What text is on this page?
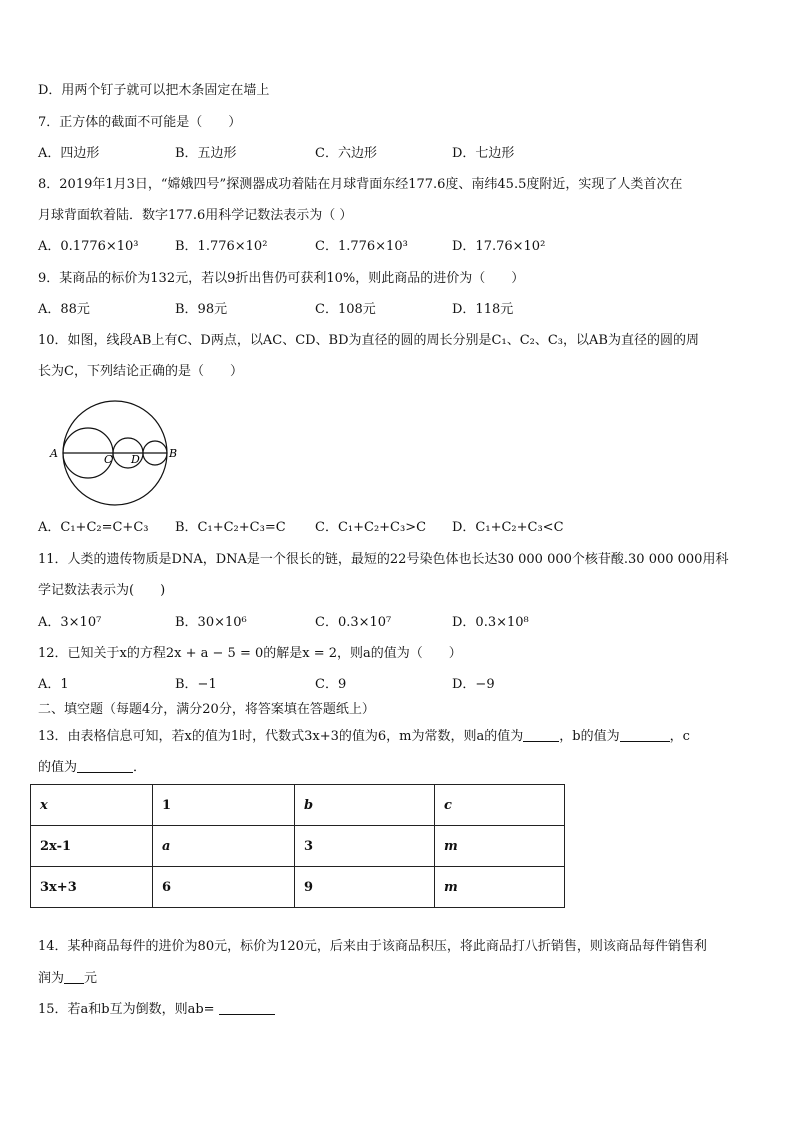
D．用两个钉子就可以把木条固定在墙上
7．正方体的截面不可能是（　　）
A．四边形	B．五边形	C．六边形	D．七边形
8．2019年1月3日，“嫦娥四号”探测器成功着陆在月球背面东经177.6度、南纬45.5度附近，实现了人类首次在
月球背面软着陆．数字177.6用科学记数法表示为（ ）
A．0.1776×10³	B．1.776×10²	C．1.776×10³	D．17.76×10²
9．某商品的标价为132元，若以9折出售仍可获利10%，则此商品的进价为（　　）
A．88元	B．98元	C．108元	D．118元
10．如图，线段AB上有C、D两点，以AC、CD、BD为直径的圆的周长分别是C₁、C₂、C₃，以AB为直径的圆的周
长为C，下列结论正确的是（　　）
A	C D	B
A．C₁+C₂=C+C₃ B．C₁+C₂+C₃=C C．C₁+C₂+C₃>C D．C₁+C₂+C₃<C
11．人类的遗传物质是DNA，DNA是一个很长的链，最短的22号染色体也长达30 000 000个核苷酸.30 000 000用科
学记数法表示为(　　)
A．3×10⁷	B．30×10⁶	C．0.3×10⁷	D．0.3×10⁸
12．已知关于x的方程2x + a − 5 = 0的解是x = 2，则a的值为（　　）
A．1	B．−1	C．9	D．−9
二、填空题（每题4分，满分20分，将答案填在答题纸上）
13．由表格信息可知，若x的值为1时，代数式3x+3的值为6，m为常数，则a的值为	，b的值为	，c
的值为	．
x	1	b	c
2x-1	a	3	m
3x+3	6	9	m
14．某种商品每件的进价为80元，标价为120元，后来由于该商品积压，将此商品打八折销售，则该商品每件销售利
润为 元
15．若a和b互为倒数，则ab=
